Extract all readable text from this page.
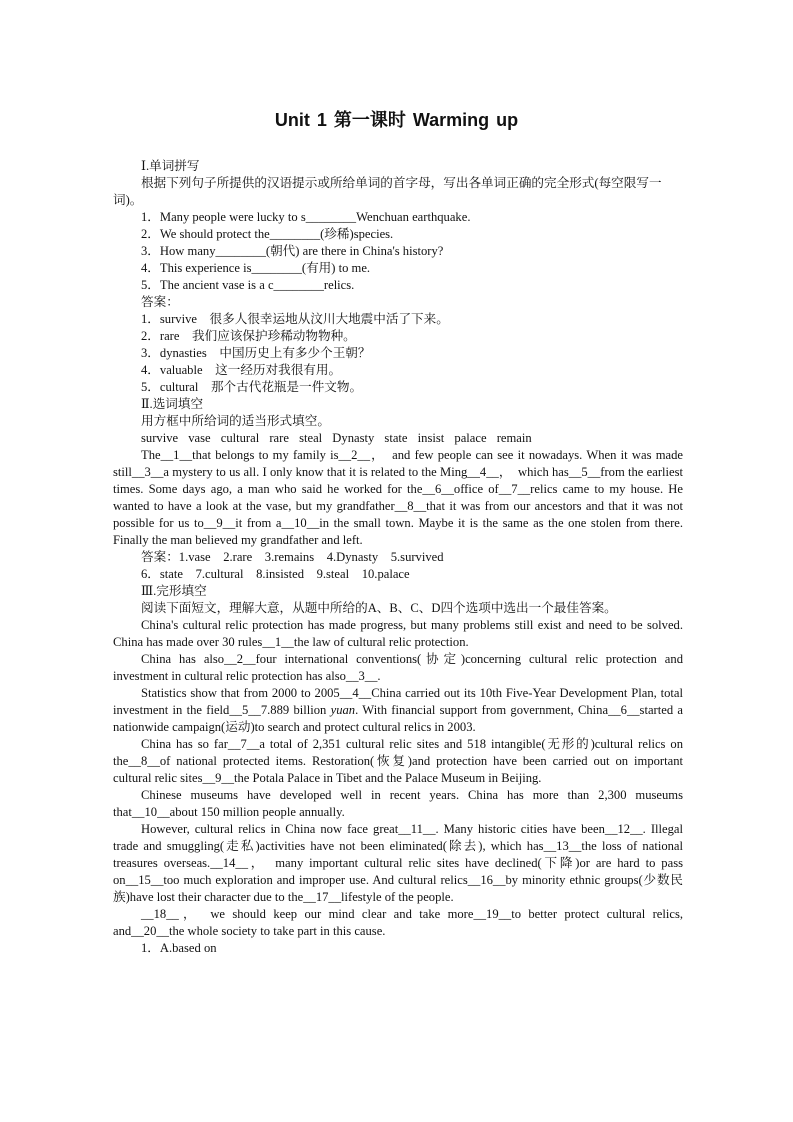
Unit 1 第一课时 Warming up

Ⅰ.单词拼写

根据下列句子所提供的汉语提示或所给单词的首字母，写出各单词正确的完全形式(每空限写一词)。

1．Many people were lucky to s________Wenchuan earthquake.

2．We should protect the________(珍稀)species.

3．How many________(朝代) are there in China's history?

4．This experience is________(有用) to me.

5．The ancient vase is a c________relics.

答案：

1．survive　很多人很幸运地从汶川大地震中活了下来。

2．rare　我们应该保护珍稀动物物种。

3．dynasties　中国历史上有多少个王朝？

4．valuable　这一经历对我很有用。

5．cultural　那个古代花瓶是一件文物。

Ⅱ.选词填空

用方框中所给词的适当形式填空。

survive vase cultural rare steal Dynasty state insist palace remain

The__1__that belongs to my family is__2__，　and few people can see it nowadays. When it was made still__3__a mystery to us all. I only know that it is related to the Ming__4__，　which has__5__from the earliest times. Some days ago, a man who said he worked for the__6__office of__7__relics came to my house. He wanted to have a look at the vase, but my grandfather__8__that it was from our ancestors and that it was not possible for us to__9__it from a__10__in the small town. Maybe it is the same as the one stolen from there. Finally the man believed my grandfather and left.

答案：1.vase　2.rare　3.remains　4.Dynasty　5.survived

6．state　7.cultural　8.insisted　9.steal　10.palace

Ⅲ.完形填空

阅读下面短文，理解大意，从题中所给的A、B、C、D四个选项中选出一个最佳答案。

China's cultural relic protection has made progress, but many problems still exist and need to be solved. China has made over 30 rules__1__the law of cultural relic protection.

China has also__2__four international conventions(协定)concerning cultural relic protection and investment in cultural relic protection has also__3__.

Statistics show that from 2000 to 2005__4__China carried out its 10th Five-Year Development Plan, total investment in the field__5__7.889 billion yuan. With financial support from government, China__6__started a nationwide campaign(运动)to search and protect cultural relics in 2003.

China has so far__7__a total of 2,351 cultural relic sites and 518 intangible(无形的)cultural relics on the__8__of national protected items. Restoration(恢复)and protection have been carried out on important cultural relic sites__9__the Potala Palace in Tibet and the Palace Museum in Beijing.

Chinese museums have developed well in recent years. China has more than 2,300 museums that__10__about 150 million people annually.

However, cultural relics in China now face great__11__. Many historic cities have been__12__. Illegal trade and smuggling(走私)activities have not been eliminated(除去), which has__13__the loss of national treasures overseas.__14__，　many important cultural relic sites have declined(下降)or are hard to pass on__15__too much exploration and improper use. And cultural relics__16__by minority ethnic groups(少数民族)have lost their character due to the__17__lifestyle of the people.

__18__，　we should keep our mind clear and take more__19__to better protect cultural relics, and__20__the whole society to take part in this cause.

1．A.based on
